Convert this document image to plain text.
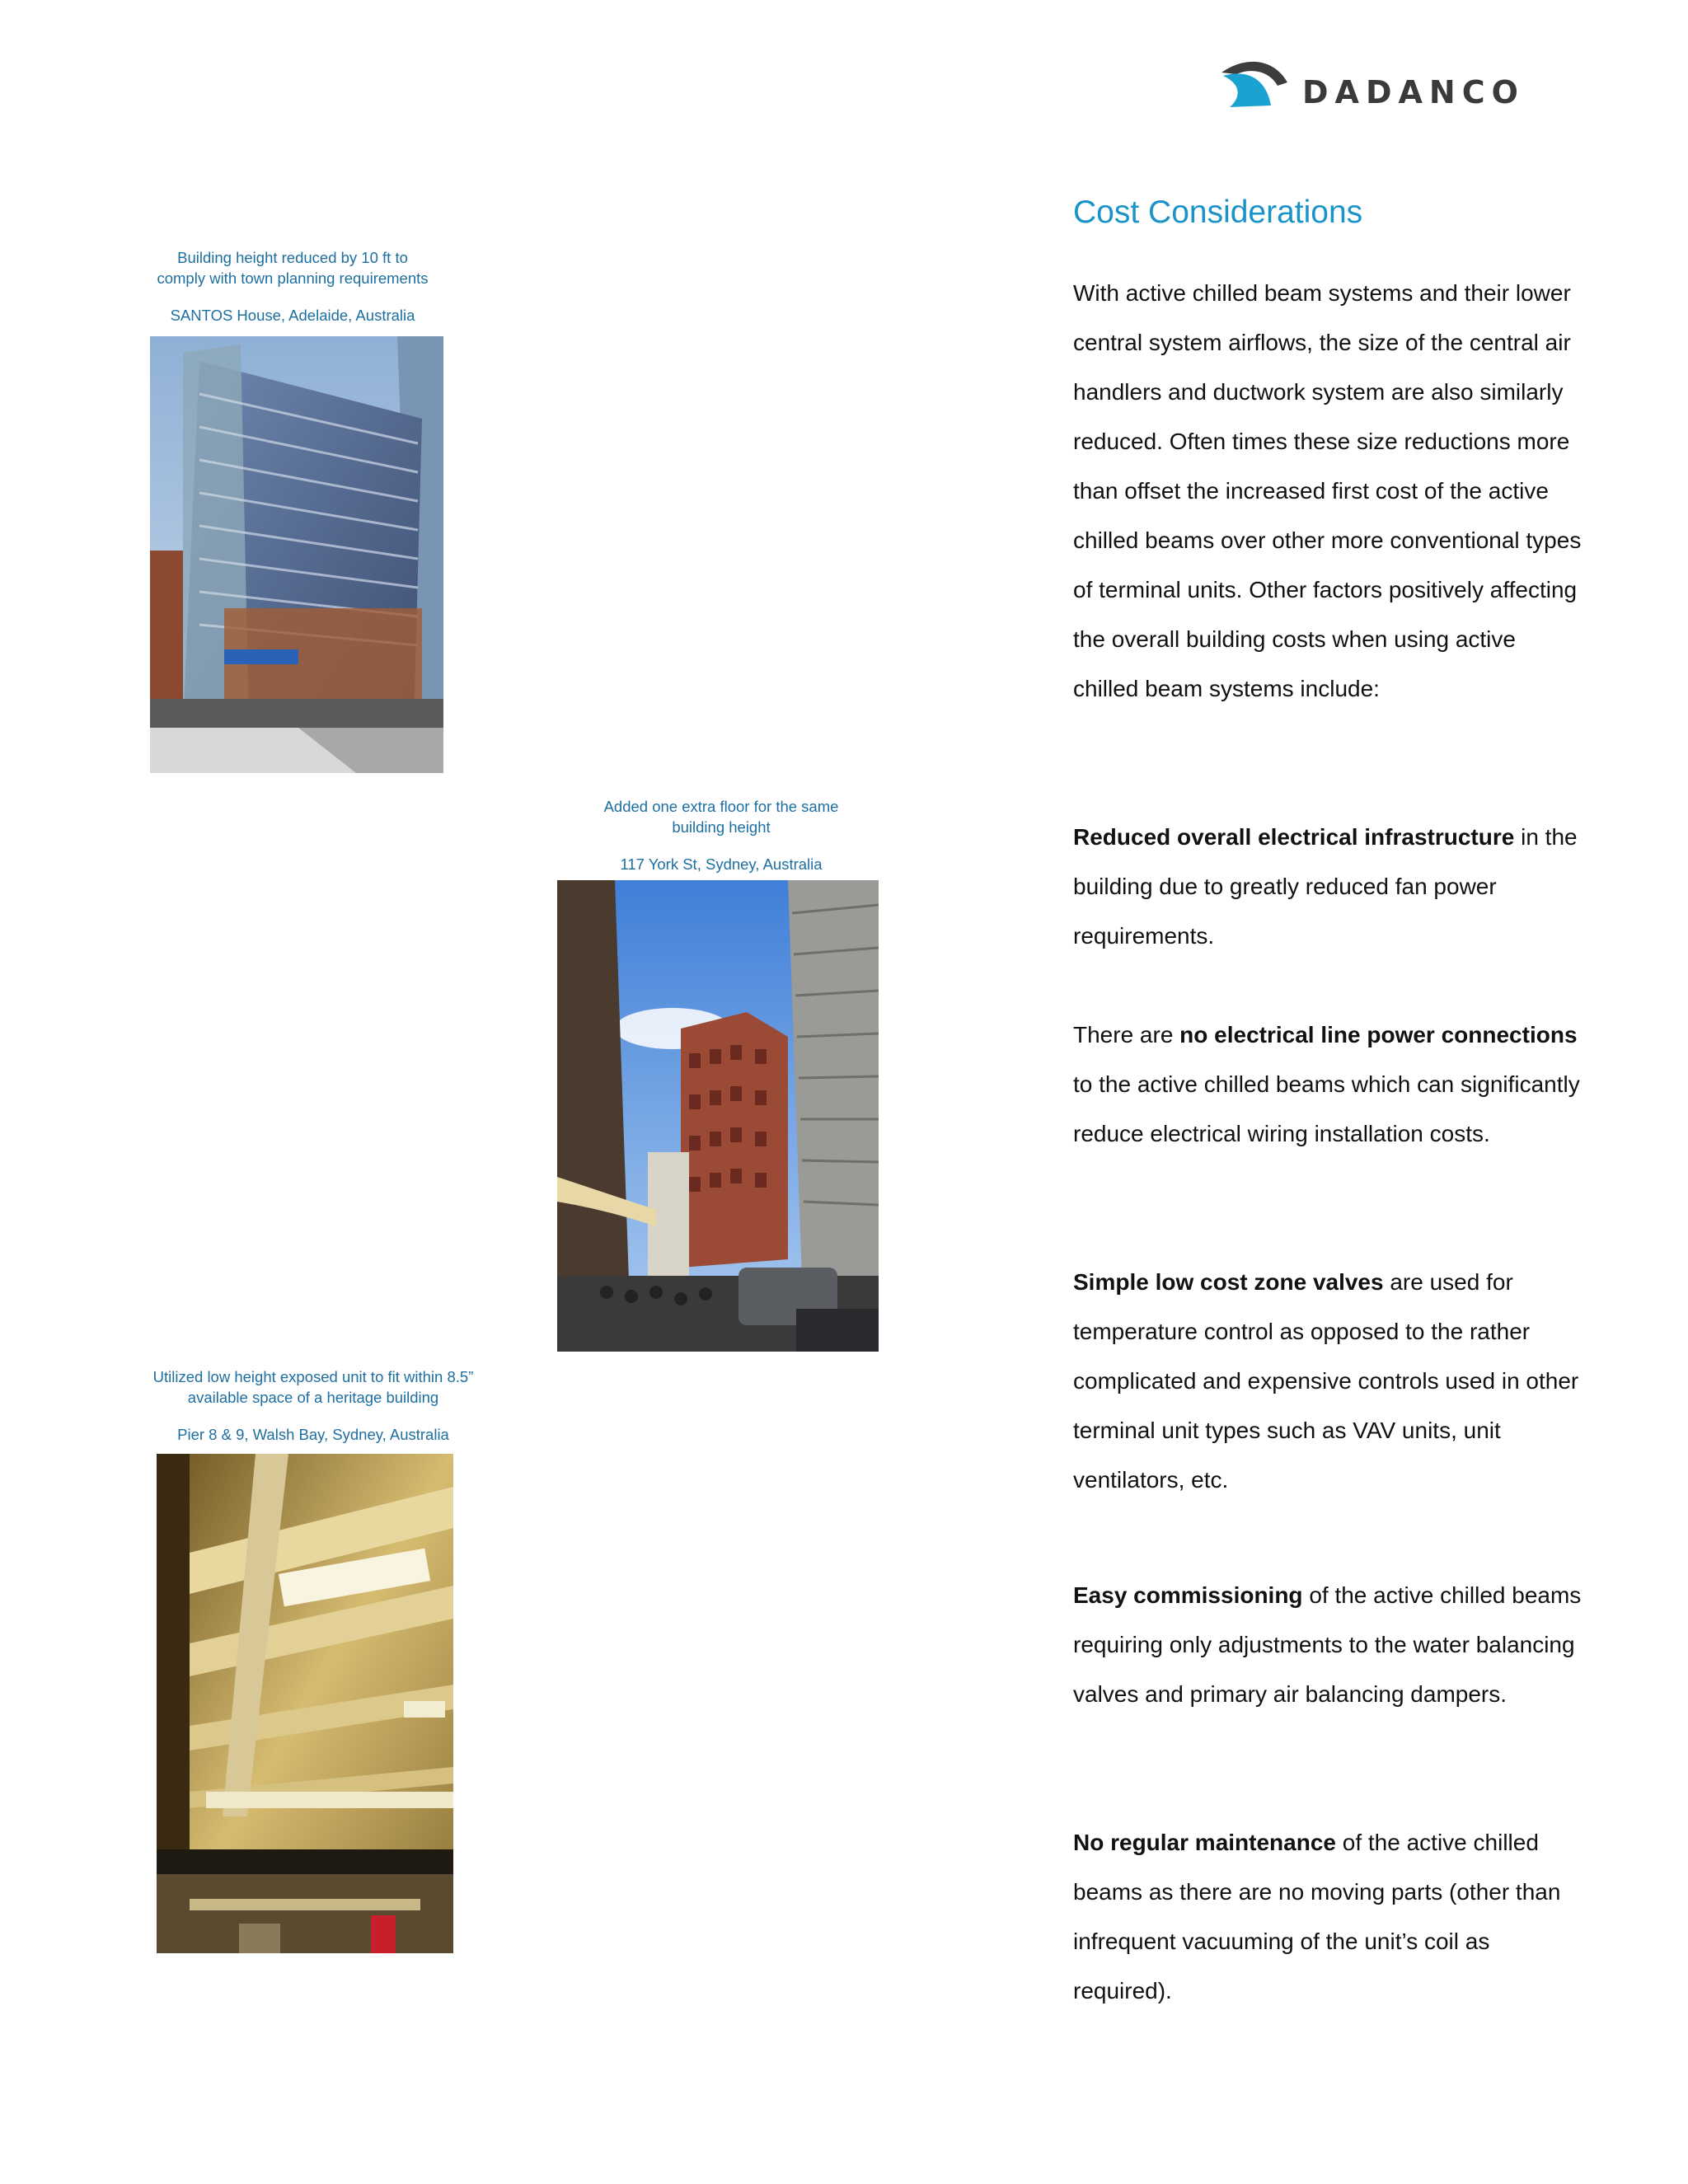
DADANCO
Building height reduced by 10 ft to
comply with town planning requirements
SANTOS House, Adelaide, Australia
Added one extra floor for the same
building height
117 York St, Sydney, Australia
Utilized low height exposed unit to fit within 8.5”
available space of a heritage building
Pier 8 & 9, Walsh Bay, Sydney, Australia
Cost Considerations

With active chilled beam systems and their lower central system airflows, the size of the central air handlers and ductwork system are also similarly reduced. Often times these size reductions more than offset the increased first cost of the active chilled beams over other more conventional types of terminal units. Other factors positively affecting the overall building costs when using active chilled beam systems include:

Reduced overall electrical infrastructure in the building due to greatly reduced fan power requirements.

There are no electrical line power connections to the active chilled beams which can significantly reduce electrical wiring installation costs.

Simple low cost zone valves are used for temperature control as opposed to the rather complicated and expensive controls used in other terminal unit types such as VAV units, unit ventilators, etc.

Easy commissioning of the active chilled beams requiring only adjustments to the water balancing valves and primary air balancing dampers.

No regular maintenance of the active chilled beams as there are no moving parts (other than infrequent vacuuming of the unit’s coil as required).
